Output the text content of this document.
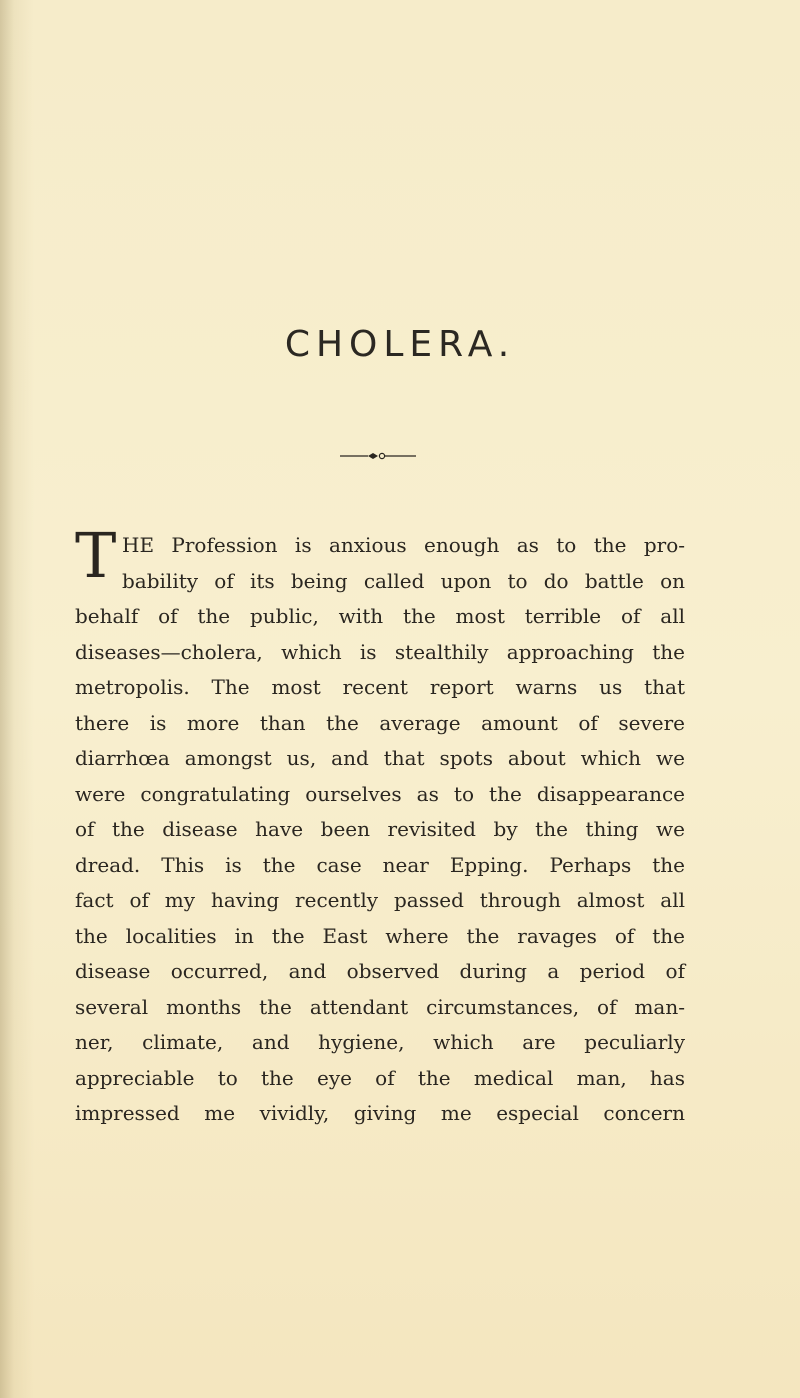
CHOLERA.
T HE Profession is anxious enough as to the pro-
bability of its being called upon to do battle on
behalf of the public, with the most terrible of all
diseases—cholera, which is stealthily approaching the
metropolis. The most recent report warns us that
there is more than the average amount of severe
diarrhœa amongst us, and that spots about which we
were congratulating ourselves as to the disappearance
of the disease have been revisited by the thing we
dread. This is the case near Epping. Perhaps the
fact of my having recently passed through almost all
the localities in the East where the ravages of the
disease occurred, and observed during a period of
several months the attendant circumstances, of man-
ner, climate, and hygiene, which are peculiarly
appreciable to the eye of the medical man, has
impressed me vividly, giving me especial concern
